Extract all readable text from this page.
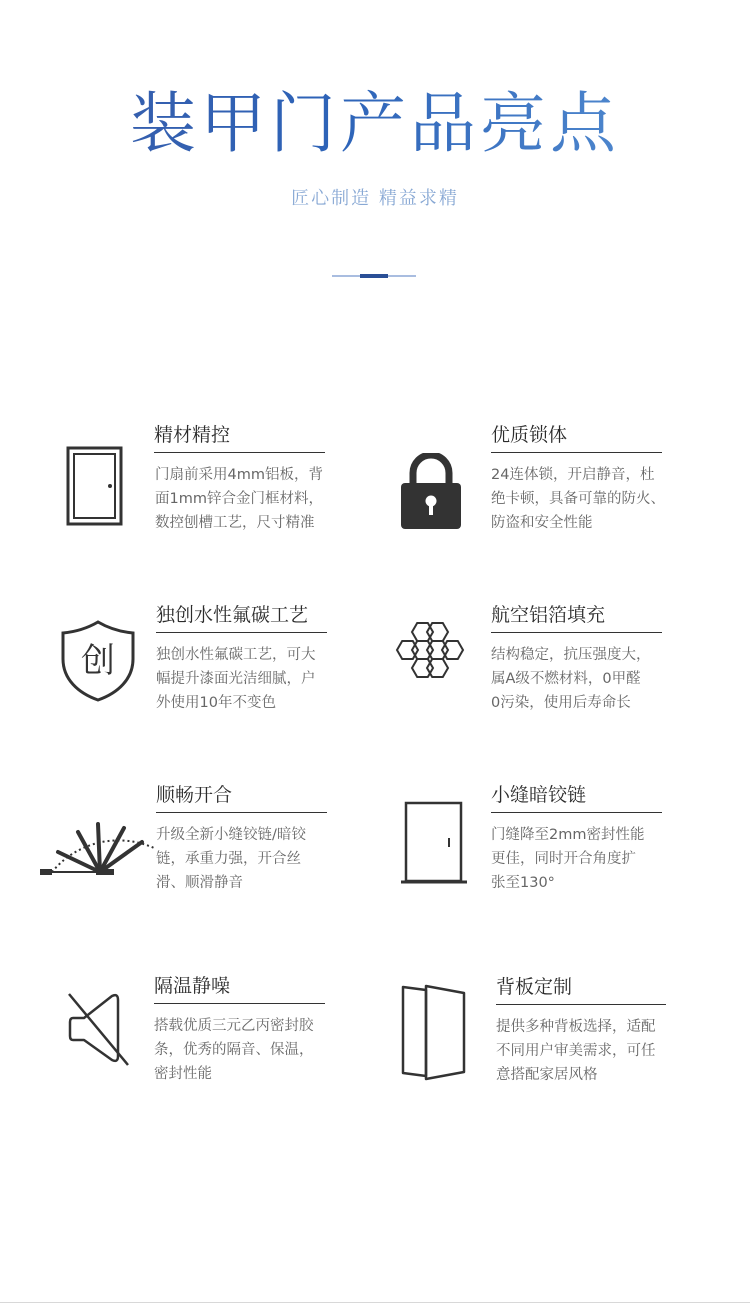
装甲门产品亮点
匠心制造 精益求精
精材精控
门扇前采用4mm铝板，背
面1mm锌合金门框材料，
数控刨槽工艺，尺寸精准
优质锁体
24连体锁，开启静音，杜
绝卡顿，具备可靠的防火、
防盗和安全性能
创
独创水性氟碳工艺
独创水性氟碳工艺，可大
幅提升漆面光洁细腻，户
外使用10年不变色
航空铝箔填充
结构稳定，抗压强度大，
属A级不燃材料，0甲醛
0污染，使用后寿命长
顺畅开合
升级全新小缝铰链/暗铰
链，承重力强，开合丝
滑、顺滑静音
小缝暗铰链
门缝降至2mm密封性能
更佳，同时开合角度扩
张至130°
隔温静噪
搭载优质三元乙丙密封胶
条，优秀的隔音、保温，
密封性能
背板定制
提供多种背板选择，适配
不同用户审美需求，可任
意搭配家居风格
